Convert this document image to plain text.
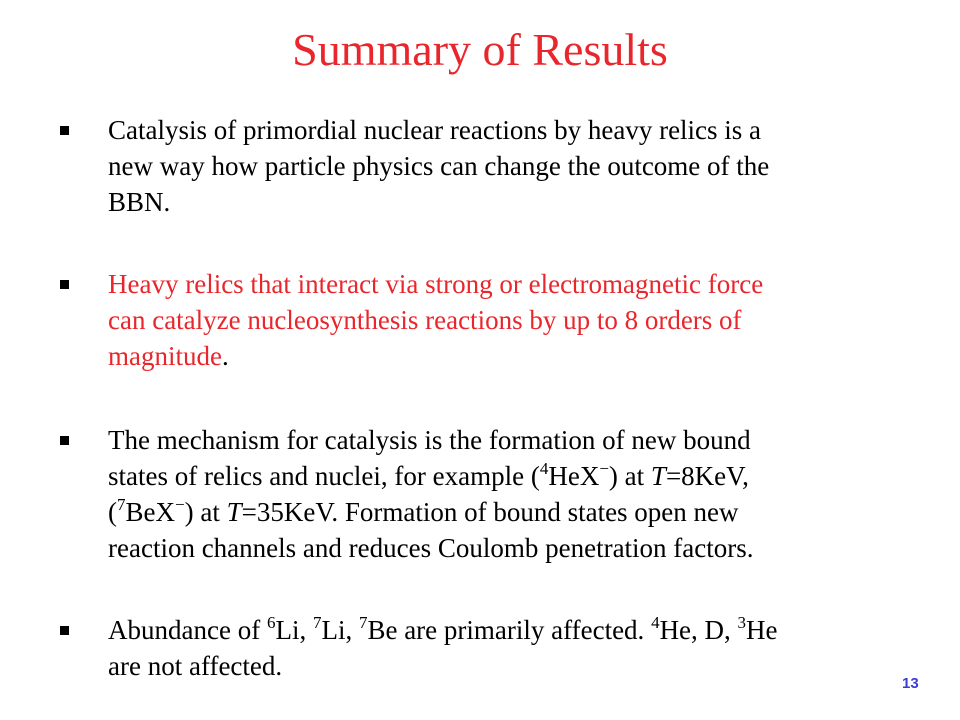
Summary of Results
Catalysis of primordial nuclear reactions by heavy relics is a
new way how particle physics can change the outcome of the
BBN.
Heavy relics that interact via strong or electromagnetic force
can catalyze nucleosynthesis reactions by up to 8 orders of
magnitude.
The mechanism for catalysis is the formation of new bound
states of relics and nuclei, for example ($^4$HeX−) at T=8KeV,
($^7$BeX−) at T=35KeV. Formation of bound states open new
reaction channels and reduces Coulomb penetration factors.
Abundance of $^6$Li, $^7$Li, $^7$Be are primarily affected. $^4$He, D, $^3$He
are not affected.
13
